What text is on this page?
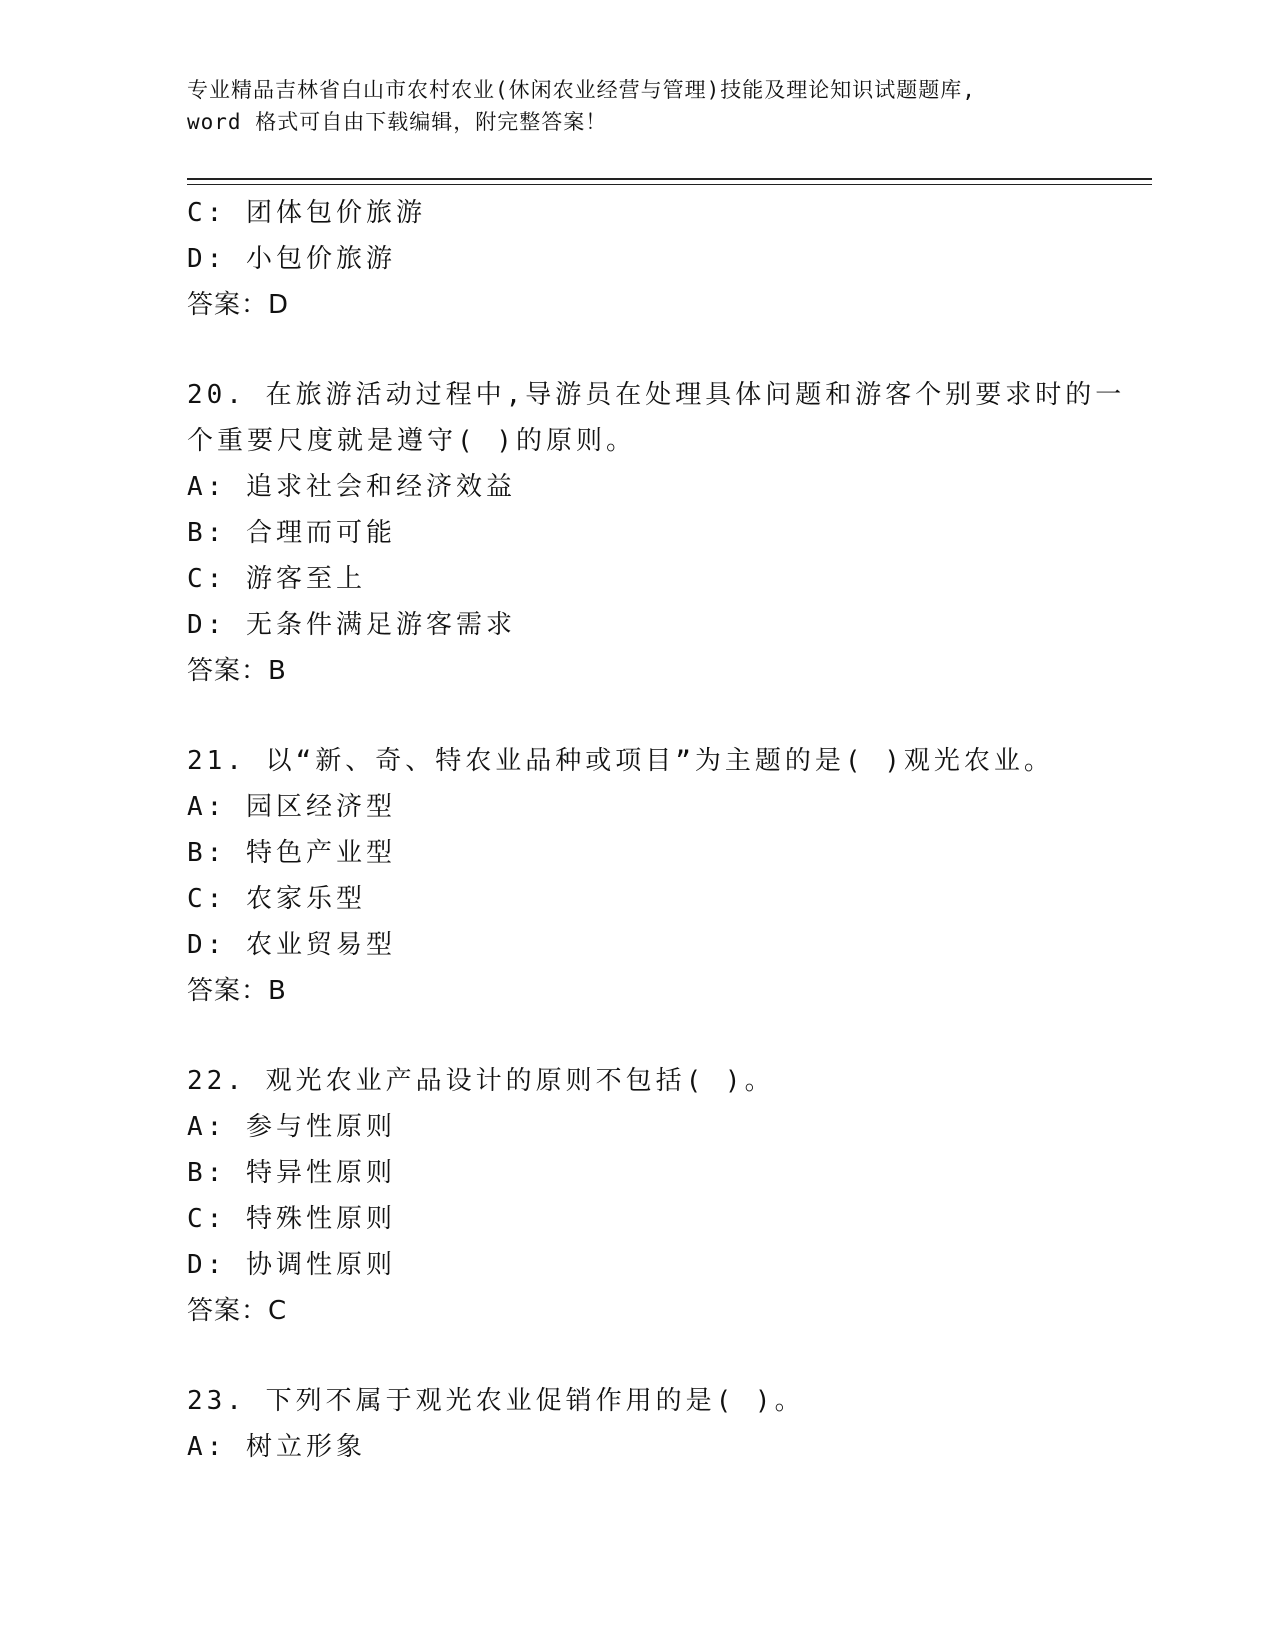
专业精品吉林省白山市农村农业(休闲农业经营与管理)技能及理论知识试题题库,
word 格式可自由下载编辑，附完整答案！
C: 团体包价旅游
D: 小包价旅游
答案：D
20. 在旅游活动过程中,导游员在处理具体问题和游客个别要求时的一
个重要尺度就是遵守( )的原则。
A: 追求社会和经济效益
B: 合理而可能
C: 游客至上
D: 无条件满足游客需求
答案：B
21. 以“新、奇、特农业品种或项目”为主题的是( )观光农业。
A: 园区经济型
B: 特色产业型
C: 农家乐型
D: 农业贸易型
答案：B
22. 观光农业产品设计的原则不包括( )。
A: 参与性原则
B: 特异性原则
C: 特殊性原则
D: 协调性原则
答案：C
23. 下列不属于观光农业促销作用的是( )。
A: 树立形象
